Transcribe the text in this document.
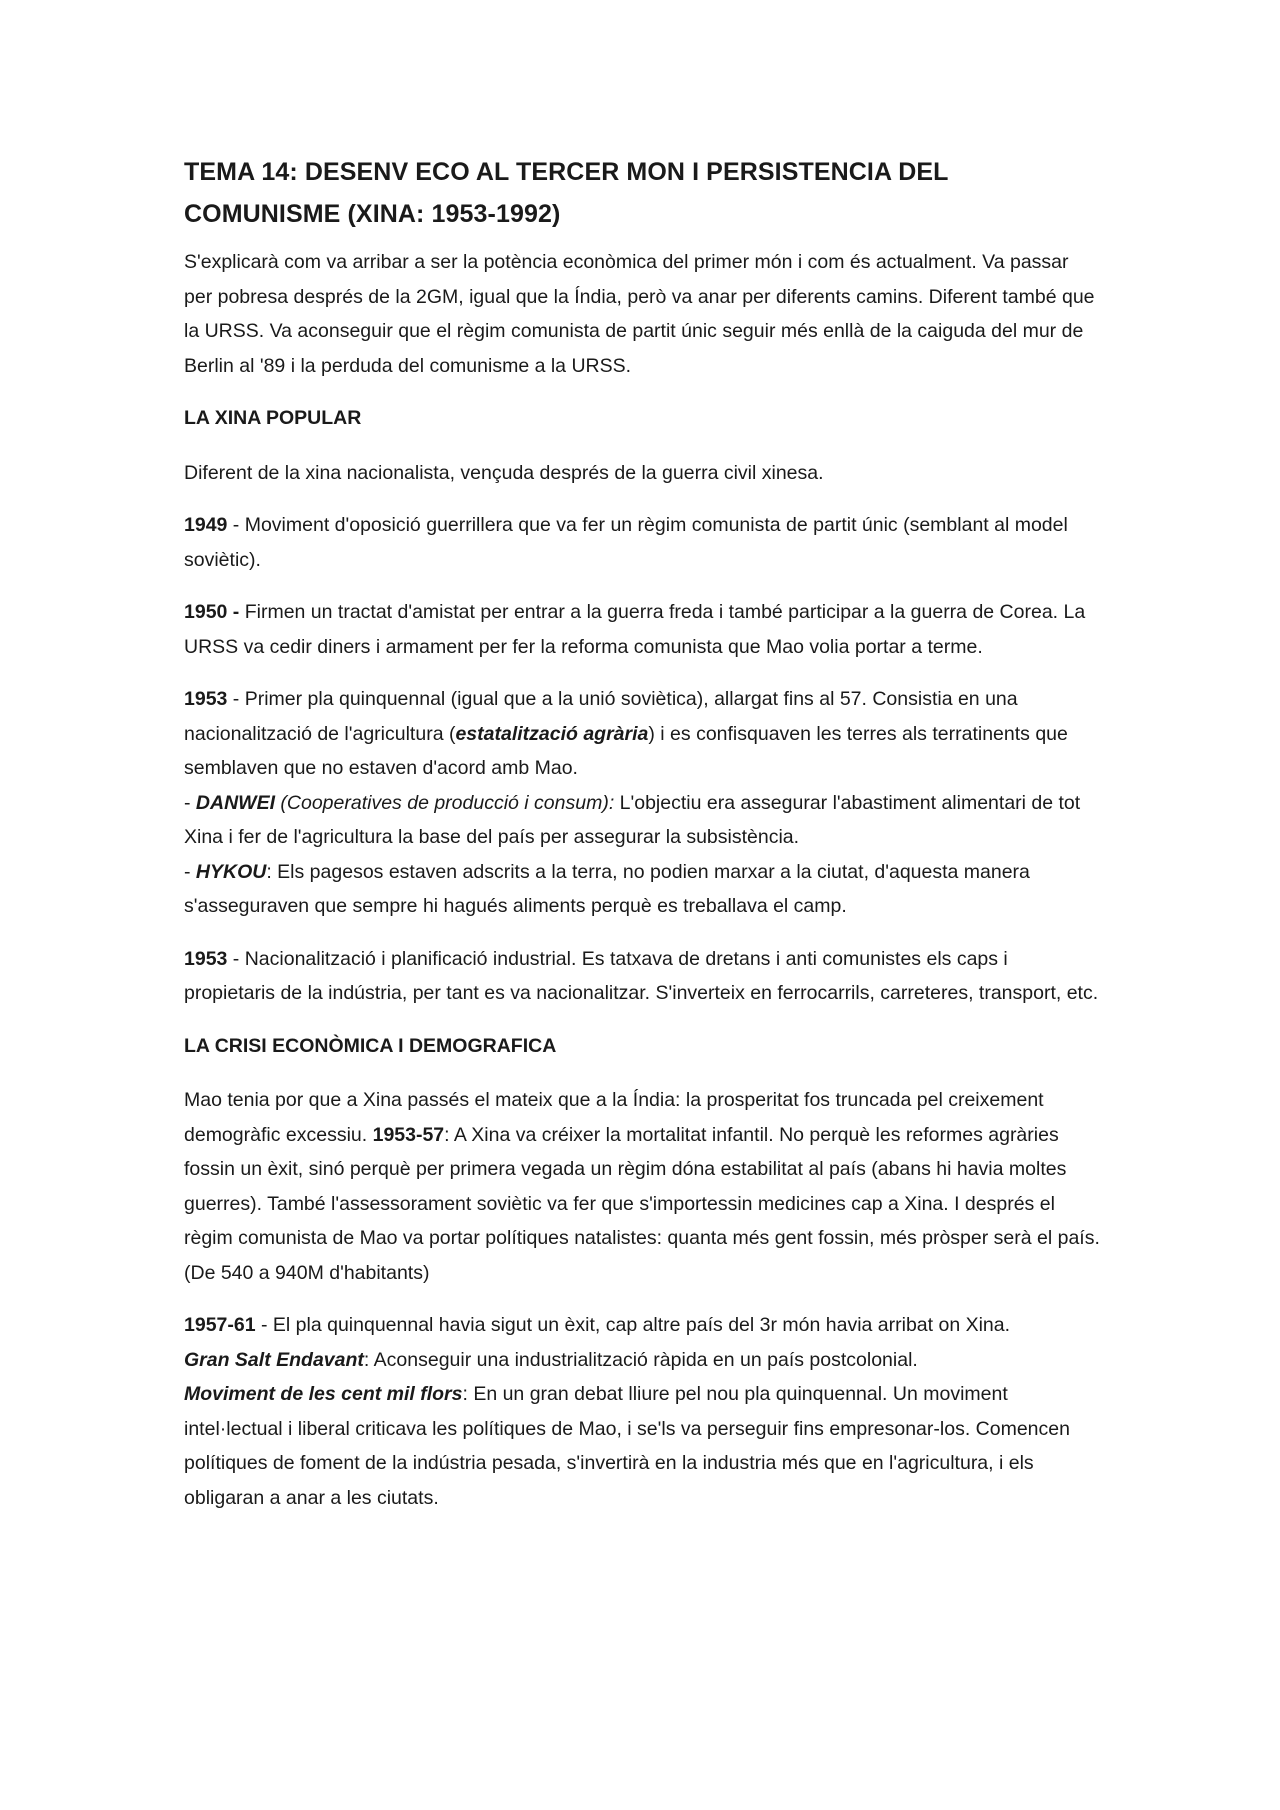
TEMA 14: DESENV ECO AL TERCER MON I PERSISTENCIA DEL
COMUNISME (XINA: 1953-1992)

S'explicarà com va arribar a ser la potència econòmica del primer món i com és actualment. Va passar per pobresa després de la 2GM, igual que la Índia, però va anar per diferents camins. Diferent també que la URSS. Va aconseguir que el règim comunista de partit únic seguir més enllà de la caiguda del mur de Berlin al '89 i la perduda del comunisme a la URSS.

LA XINA POPULAR

Diferent de la xina nacionalista, vençuda després de la guerra civil xinesa.

1949 - Moviment d'oposició guerrillera que va fer un règim comunista de partit únic (semblant al model soviètic).

1950 - Firmen un tractat d'amistat per entrar a la guerra freda i també participar a la guerra de Corea. La URSS va cedir diners i armament per fer la reforma comunista que Mao volia portar a terme.

1953 - Primer pla quinquennal (igual que a la unió soviètica), allargat fins al 57. Consistia en una nacionalització de l'agricultura (estatalització agrària) i es confisquaven les terres als terratinents que semblaven que no estaven d'acord amb Mao.
- DANWEI (Cooperatives de producció i consum): L'objectiu era assegurar l'abastiment alimentari de tot Xina i fer de l'agricultura la base del país per assegurar la subsistència.
- HYKOU: Els pagesos estaven adscrits a la terra, no podien marxar a la ciutat, d'aquesta manera s'asseguraven que sempre hi hagués aliments perquè es treballava el camp.

1953 - Nacionalització i planificació industrial. Es tatxava de dretans i anti comunistes els caps i propietaris de la indústria, per tant es va nacionalitzar. S'inverteix en ferrocarrils, carreteres, transport, etc.

LA CRISI ECONÒMICA I DEMOGRAFICA

Mao tenia por que a Xina passés el mateix que a la Índia: la prosperitat fos truncada pel creixement demogràfic excessiu. 1953-57: A Xina va créixer la mortalitat infantil. No perquè les reformes agràries fossin un èxit, sinó perquè per primera vegada un règim dóna estabilitat al país (abans hi havia moltes guerres). També l'assessorament soviètic va fer que s'importessin medicines cap a Xina. I després el règim comunista de Mao va portar polítiques natalistes: quanta més gent fossin, més pròsper serà el país. (De 540 a 940M d'habitants)

1957-61 - El pla quinquennal havia sigut un èxit, cap altre país del 3r món havia arribat on Xina.
Gran Salt Endavant: Aconseguir una industrialització ràpida en un país postcolonial.
Moviment de les cent mil flors: En un gran debat lliure pel nou pla quinquennal. Un moviment intel·lectual i liberal criticava les polítiques de Mao, i se'ls va perseguir fins empresonar-los. Comencen polítiques de foment de la indústria pesada, s'invertirà en la industria més que en l'agricultura, i els obligaran a anar a les ciutats.
